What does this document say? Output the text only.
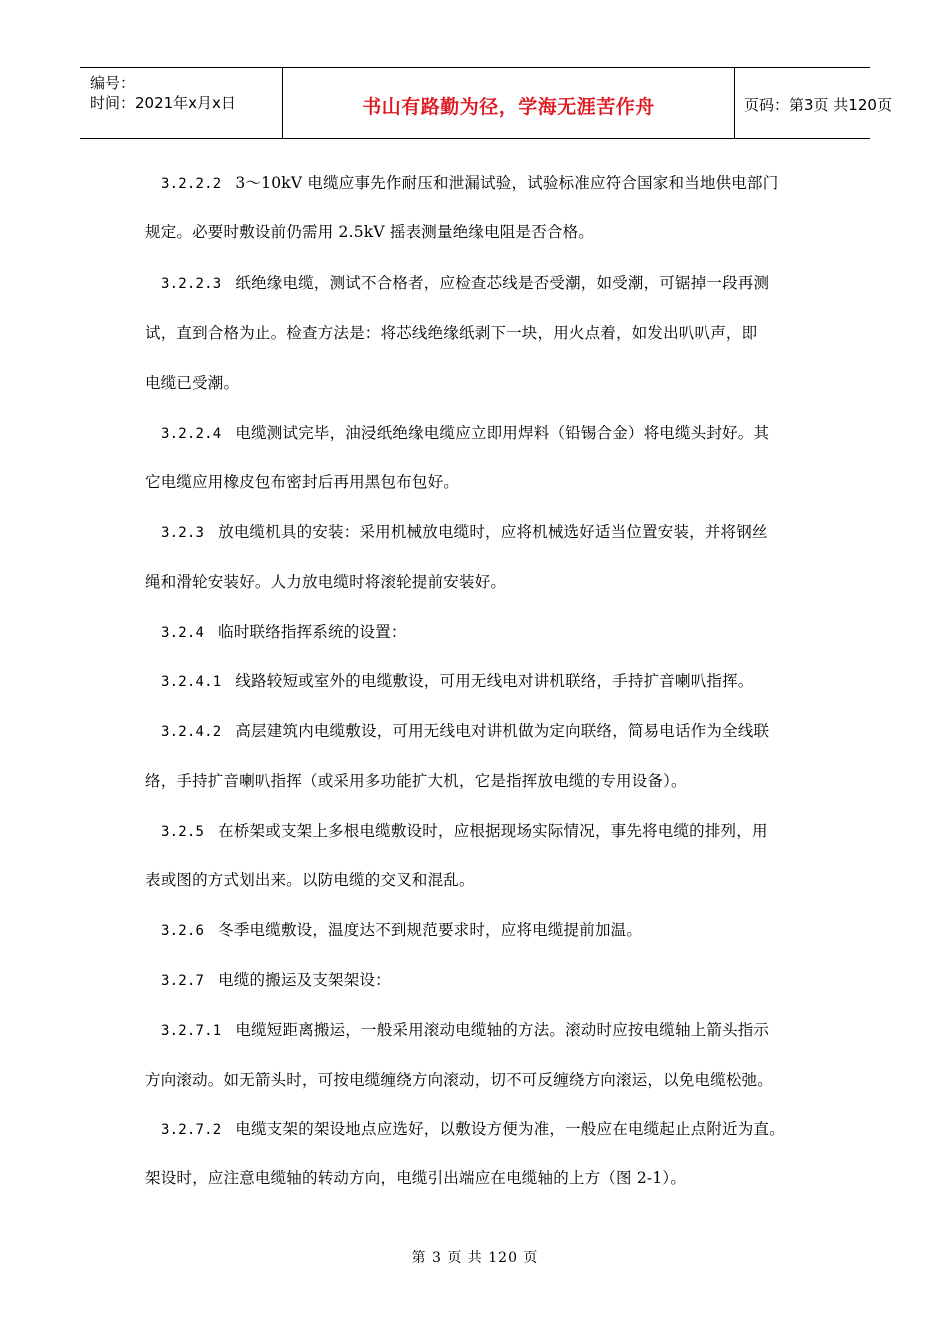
编号：
时间：2021年x月x日	书山有路勤为径，学海无涯苦作舟	页码：第3页 共120页
3.2.2.2 3～10kV 电缆应事先作耐压和泄漏试验，试验标准应符合国家和当地供电部门
规定。必要时敷设前仍需用 2.5kV 摇表测量绝缘电阻是否合格。
3.2.2.3 纸绝缘电缆，测试不合格者，应检查芯线是否受潮，如受潮，可锯掉一段再测
试，直到合格为止。检查方法是：将芯线绝缘纸剥下一块，用火点着，如发出叭叭声，即
电缆已受潮。
3.2.2.4 电缆测试完毕，油浸纸绝缘电缆应立即用焊料（铅锡合金）将电缆头封好。其
它电缆应用橡皮包布密封后再用黑包布包好。
3.2.3 放电缆机具的安装：采用机械放电缆时，应将机械选好适当位置安装，并将钢丝
绳和滑轮安装好。人力放电缆时将滚轮提前安装好。
3.2.4 临时联络指挥系统的设置：
3.2.4.1 线路较短或室外的电缆敷设，可用无线电对讲机联络，手持扩音喇叭指挥。
3.2.4.2 高层建筑内电缆敷设，可用无线电对讲机做为定向联络，简易电话作为全线联
络，手持扩音喇叭指挥（或采用多功能扩大机，它是指挥放电缆的专用设备）。
3.2.5 在桥架或支架上多根电缆敷设时，应根据现场实际情况，事先将电缆的排列，用
表或图的方式划出来。以防电缆的交叉和混乱。
3.2.6 冬季电缆敷设，温度达不到规范要求时，应将电缆提前加温。
3.2.7 电缆的搬运及支架架设：
3.2.7.1 电缆短距离搬运，一般采用滚动电缆轴的方法。滚动时应按电缆轴上箭头指示
方向滚动。如无箭头时，可按电缆缠绕方向滚动，切不可反缠绕方向滚运，以免电缆松弛。
3.2.7.2 电缆支架的架设地点应选好，以敷设方便为准，一般应在电缆起止点附近为直。
架设时，应注意电缆轴的转动方向，电缆引出端应在电缆轴的上方（图 2-1）。
第 3 页 共 120 页
